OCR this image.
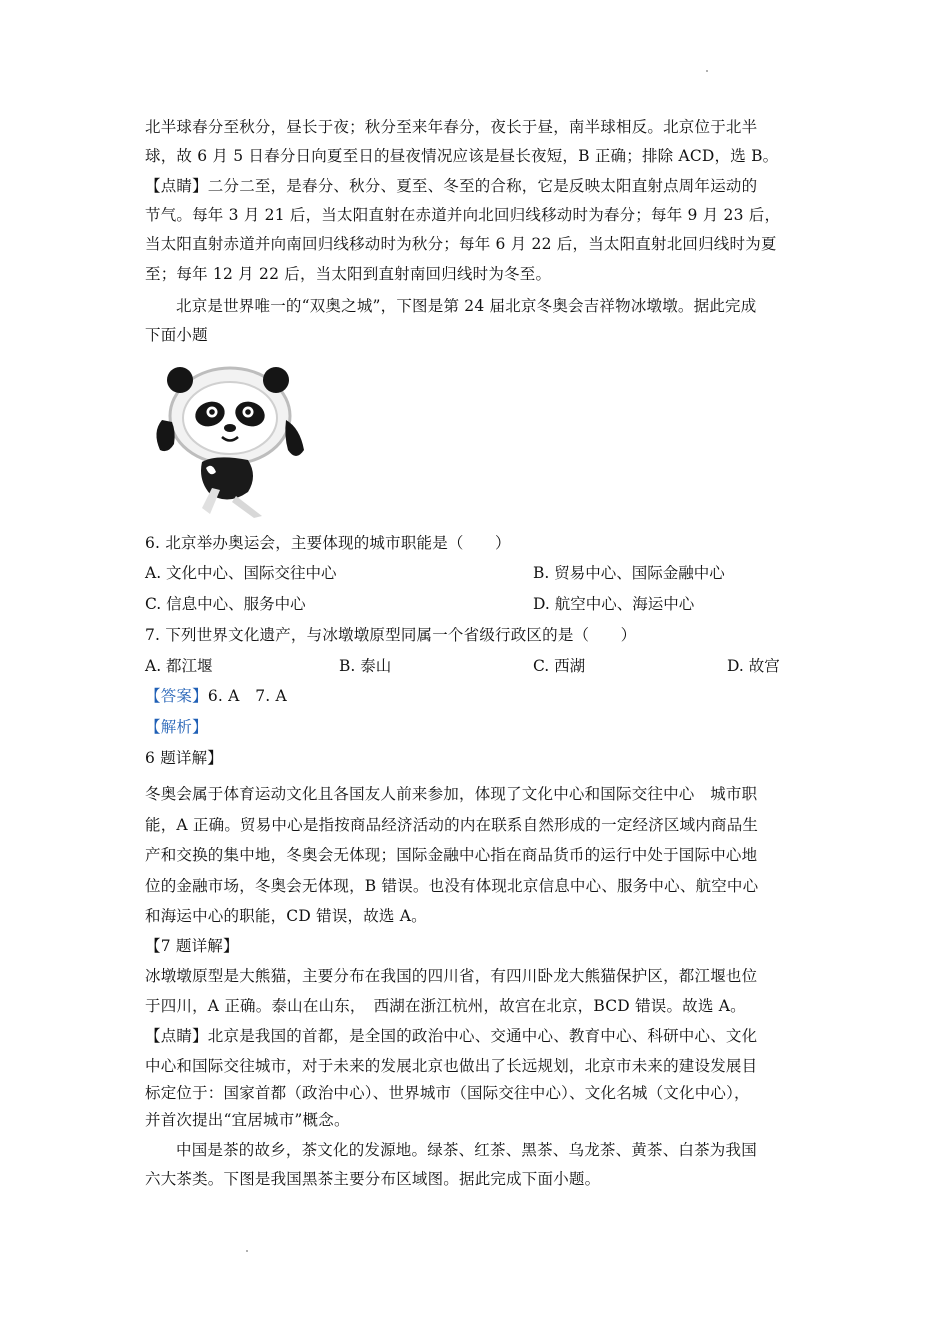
北半球春分至秋分，昼长于夜；秋分至来年春分，夜长于昼，南半球相反。北京位于北半
球，故 6 月 5 日春分日向夏至日的昼夜情况应该是昼长夜短，B 正确；排除 ACD，选 B。
【点睛】二分二至，是春分、秋分、夏至、冬至的合称，它是反映太阳直射点周年运动的
节气。每年 3 月 21 后，当太阳直射在赤道并向北回归线移动时为春分；每年 9 月 23 后，
当太阳直射赤道并向南回归线移动时为秋分；每年 6 月 22 后，当太阳直射北回归线时为夏
至；每年 12 月 22 后，当太阳到直射南回归线时为冬至。
北京是世界唯一的“双奥之城”，下图是第 24 届北京冬奥会吉祥物冰墩墩。据此完成
下面小题
6. 北京举办奥运会，主要体现的城市职能是（　　）
A. 文化中心、国际交往中心	B. 贸易中心、国际金融中心
C. 信息中心、服务中心	D. 航空中心、海运中心
7. 下列世界文化遗产，与冰墩墩原型同属一个省级行政区的是（　　）
A. 都江堰	B. 泰山	C. 西湖	D. 故宫
【答案】6. A　7. A
【解析】
6 题详解】
冬奥会属于体育运动文化且各国友人前来参加，体现了文化中心和国际交往中心　城市职
能，A 正确。贸易中心是指按商品经济活动的内在联系自然形成的一定经济区域内商品生
产和交换的集中地，冬奥会无体现；国际金融中心指在商品货币的运行中处于国际中心地
位的金融市场，冬奥会无体现，B 错误。也没有体现北京信息中心、服务中心、航空中心
和海运中心的职能，CD 错误，故选 A。
【7 题详解】
冰墩墩原型是大熊猫，主要分布在我国的四川省，有四川卧龙大熊猫保护区，都江堰也位
于四川，A 正确。泰山在山东，　西湖在浙江杭州，故宫在北京，BCD 错误。故选 A。
【点睛】北京是我国的首都，是全国的政治中心、交通中心、教育中心、科研中心、文化
中心和国际交往城市，对于未来的发展北京也做出了长远规划，北京市未来的建设发展目
标定位于：国家首都（政治中心）、世界城市（国际交往中心）、文化名城（文化中心），
并首次提出“宜居城市”概念。
中国是茶的故乡，茶文化的发源地。绿茶、红茶、黑茶、乌龙茶、黄茶、白茶为我国
六大茶类。下图是我国黑茶主要分布区域图。据此完成下面小题。
